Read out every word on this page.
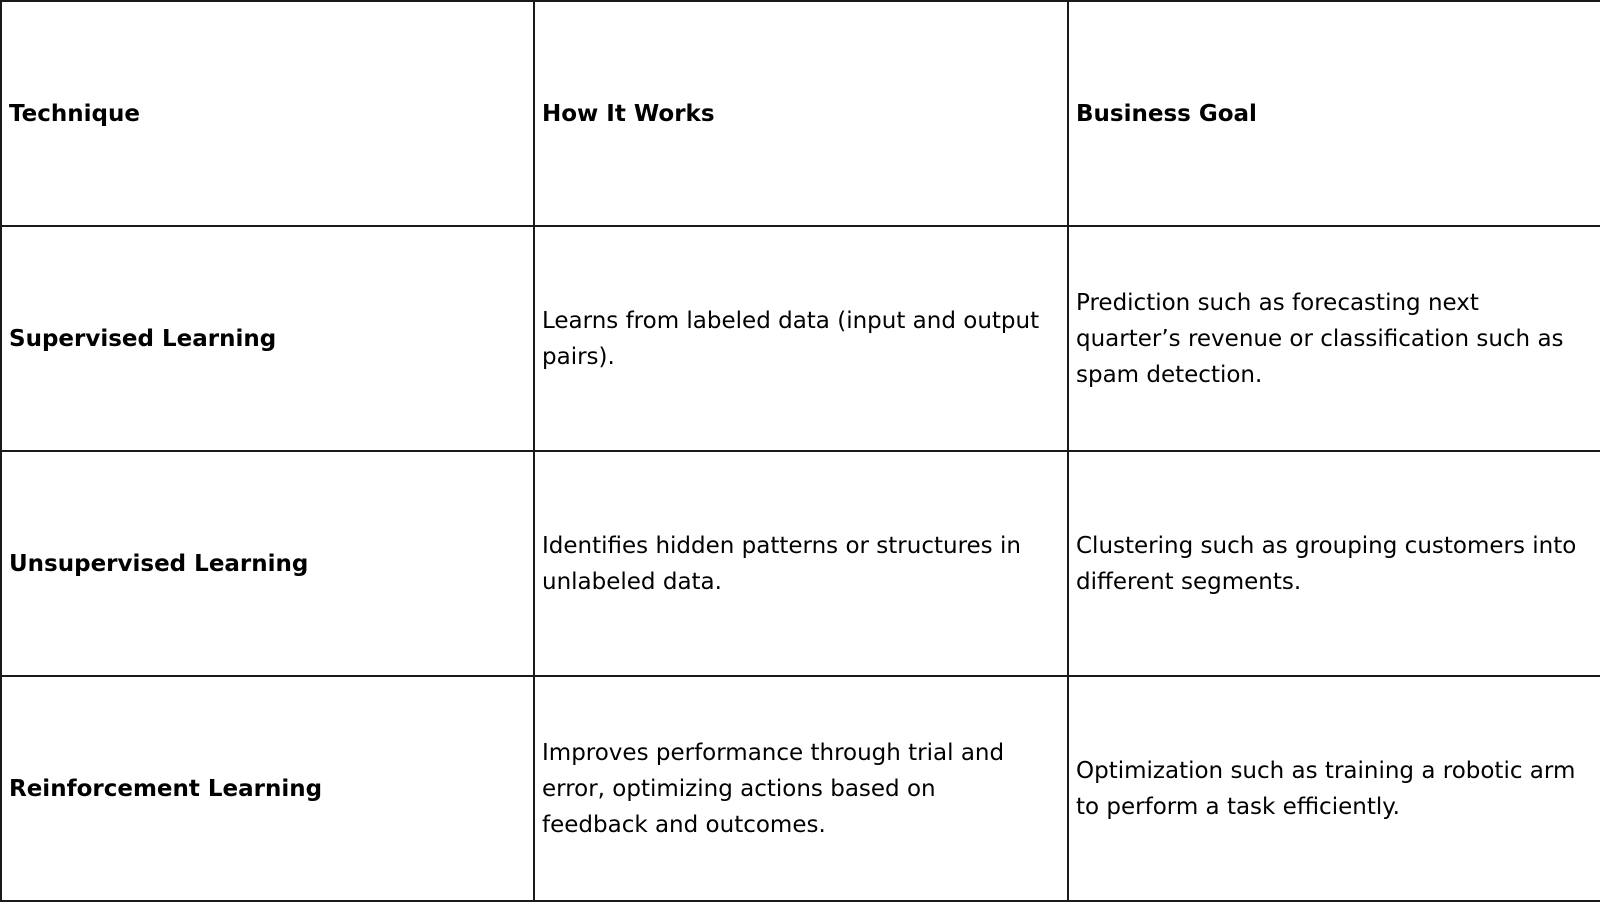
Technique	How It Works	Business Goal
Supervised Learning	Learns from labeled data (input and output pairs).	Prediction such as forecasting next quarter’s revenue or classification such as spam detection.
Unsupervised Learning	Identifies hidden patterns or structures in unlabeled data.	Clustering such as grouping customers into different segments.
Reinforcement Learning	Improves performance through trial and error, optimizing actions based on feedback and outcomes.	Optimization such as training a robotic arm to perform a task efficiently.
